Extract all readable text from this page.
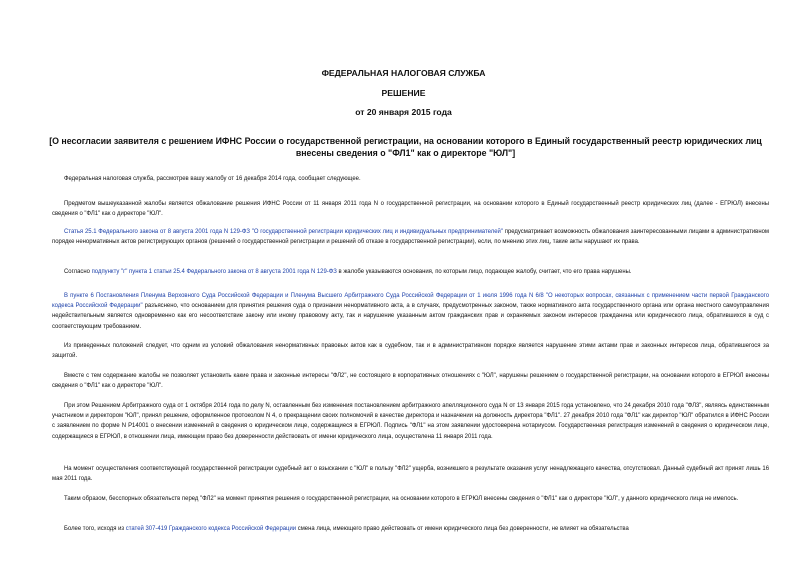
ФЕДЕРАЛЬНАЯ НАЛОГОВАЯ СЛУЖБА
РЕШЕНИЕ
от 20 января 2015 года
[О несогласии заявителя с решением ИФНС России о государственной регистрации, на основании которого в Единый государственный реестр юридических лиц внесены сведения о "ФЛ1" как о директоре "ЮЛ"]

Федеральная налоговая служба, рассмотрев вашу жалобу от 16 декабря 2014 года, сообщает следующее.

Предметом вышеуказанной жалобы является обжалование решения ИФНС России от 11 января 2011 года N о государственной регистрации, на основании которого в Единый государственный реестр юридических лиц (далее - ЕГРЮЛ) внесены сведения о "ФЛ1" как о директоре "ЮЛ".

Статья 25.1 Федерального закона от 8 августа 2001 года N 129-ФЗ "О государственной регистрации юридических лиц и индивидуальных предпринимателей" предусматривает возможность обжалования заинтересованными лицами в административном порядке ненормативных актов регистрирующих органов (решений о государственной регистрации и решений об отказе в государственной регистрации), если, по мнению этих лиц, такие акты нарушают их права.

Согласно подпункту "г" пункта 1 статьи 25.4 Федерального закона от 8 августа 2001 года N 129-ФЗ в жалобе указываются основания, по которым лицо, подающее жалобу, считает, что его права нарушены.

В пункте 6 Постановления Пленума Верховного Суда Российской Федерации и Пленума Высшего Арбитражного Суда Российской Федерации от 1 июля 1996 года N 6/8 "О некоторых вопросах, связанных с применением части первой Гражданского кодекса Российской Федерации" разъяснено, что основанием для принятия решения суда о признании ненормативного акта, а в случаях, предусмотренных законом, также нормативного акта государственного органа или органа местного самоуправления недействительным является одновременно как его несоответствие закону или иному правовому акту, так и нарушение указанным актом гражданских прав и охраняемых законом интересов гражданина или юридического лица, обратившихся в суд с соответствующим требованием.

Из приведенных положений следует, что одним из условий обжалования ненормативных правовых актов как в судебном, так и в административном порядке является нарушение этими актами прав и законных интересов лица, обратившегося за защитой.

Вместе с тем содержание жалобы не позволяет установить какие права и законные интересы "ФЛ2", не состоящего в корпоративных отношениях с "ЮЛ", нарушены решением о государственной регистрации, на основании которого в ЕГРЮЛ внесены сведения о "ФЛ1" как о директоре "ЮЛ".

При этом Решением Арбитражного суда от 1 октября 2014 года по делу N, оставленным без изменения постановлением арбитражного апелляционного суда N от 13 января 2015 года установлено, что 24 декабря 2010 года "ФЛ3", являясь единственным участником и директором "ЮЛ", принял решение, оформленное протоколом N 4, о прекращении своих полномочий в качестве директора и назначении на должность директора "ФЛ1". 27 декабря 2010 года "ФЛ1" как директор "ЮЛ" обратился в ИФНС России с заявлением по форме N Р14001 о внесении изменений в сведения о юридическом лице, содержащиеся в ЕГРЮЛ. Подпись "ФЛ1" на этом заявлении удостоверена нотариусом. Государственная регистрация изменений в сведения о юридическом лице, содержащиеся в ЕГРЮЛ, в отношении лица, имеющем право без доверенности действовать от имени юридического лица, осуществлена 11 января 2011 года.

На момент осуществления соответствующей государственной регистрации судебный акт о взыскании с "ЮЛ" в пользу "ФЛ2" ущерба, возникшего в результате оказания услуг ненадлежащего качества, отсутствовал. Данный судебный акт принят лишь 16 мая 2011 года.

Таким образом, бесспорных обязательств перед "ФЛ2" на момент принятия решения о государственной регистрации, на основании которого в ЕГРЮЛ внесены сведения о "ФЛ1" как о директоре "ЮЛ", у данного юридического лица не имелось.

Более того, исходя из статей 307-419 Гражданского кодекса Российской Федерации смена лица, имеющего право действовать от имени юридического лица без доверенности, не влияет на обязательства
